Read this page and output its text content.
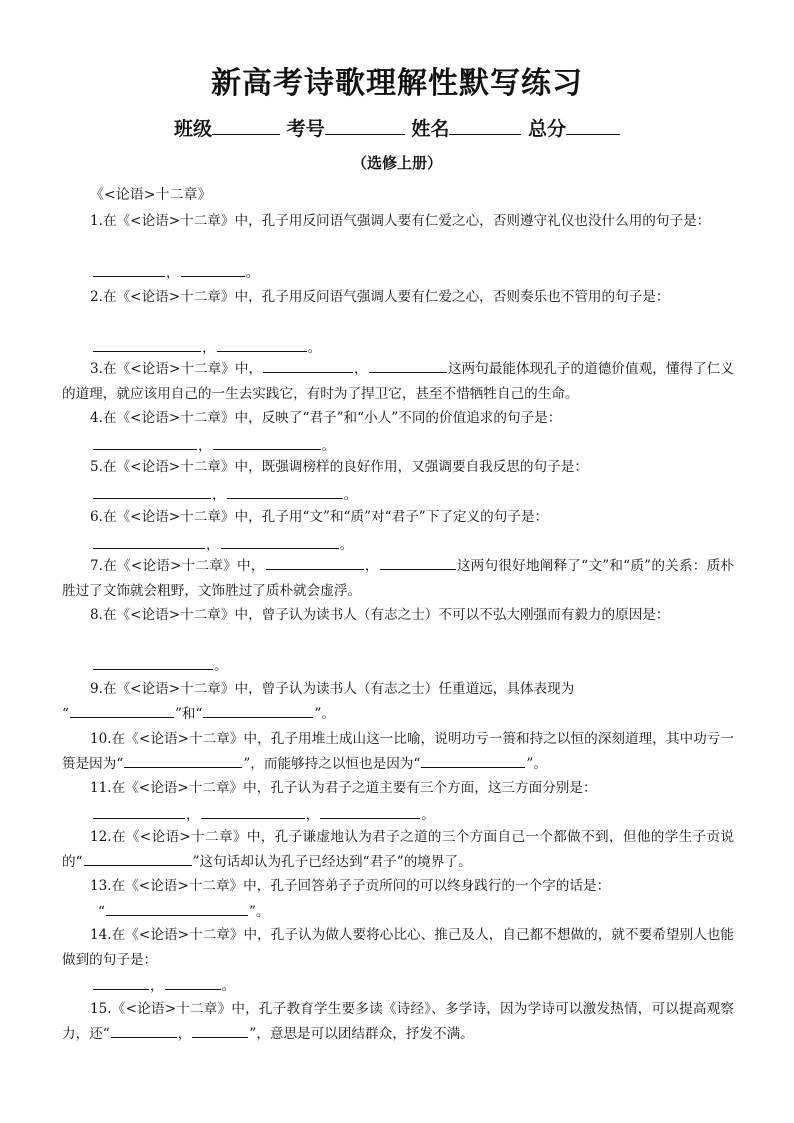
新高考诗歌理解性默写练习
班级	考号	姓名	总分
（选修上册）
《<论语>十二章》
1.在《<论语>十二章》中，孔子用反问语气强调人要有仁爱之心，否则遵守礼仪也没什么用的句子是：
，	。
2.在《<论语>十二章》中，孔子用反问语气强调人要有仁爱之心，否则奏乐也不管用的句子是：
，	。
3.在《<论语>十二章》中，	，	这两句最能体现孔子的道德价值观，懂得了仁义的道理，就应该用自己的一生去实践它，有时为了捍卫它，甚至不惜牺牲自己的生命。
4.在《<论语>十二章》中，反映了“君子”和“小人”不同的价值追求的句子是：
，	。
5.在《<论语>十二章》中，既强调榜样的良好作用，又强调要自我反思的句子是：
，	。
6.在《<论语>十二章》中，孔子用“文”和“质”对“君子”下了定义的句子是：
，	。
7.在《<论语>十二章》中，	，	这两句很好地阐释了“文”和“质”的关系：质朴胜过了文饰就会粗野，文饰胜过了质朴就会虚浮。
8.在《<论语>十二章》中，曾子认为读书人（有志之士）不可以不弘大刚强而有毅力的原因是：
。
9.在《<论语>十二章》中，曾子认为读书人（有志之士）任重道远，具体表现为
“	”和“	”。
10.在《<论语>十二章》中，孔子用堆土成山这一比喻，说明功亏一篑和持之以恒的深刻道理，其中功亏一篑是因为“	”，而能够持之以恒也是因为“	”。
11.在《<论语>十二章》中，孔子认为君子之道主要有三个方面，这三方面分别是：
，	，	。
12.在《<论语>十二章》中，孔子谦虚地认为君子之道的三个方面自己一个都做不到，但他的学生子贡说的“	”这句话却认为孔子已经达到“君子”的境界了。
13.在《<论语>十二章》中，孔子回答弟子子贡所问的可以终身践行的一个字的话是：
“	”。
14.在《<论语>十二章》中，孔子认为做人要将心比心、推己及人，自己都不想做的，就不要希望别人也能做到的句子是：
，	。
15.《<论语>十二章》中，孔子教育学生要多读《诗经》、多学诗，因为学诗可以激发热情，可以提高观察力，还“	，	”，意思是可以团结群众，抒发不满。
